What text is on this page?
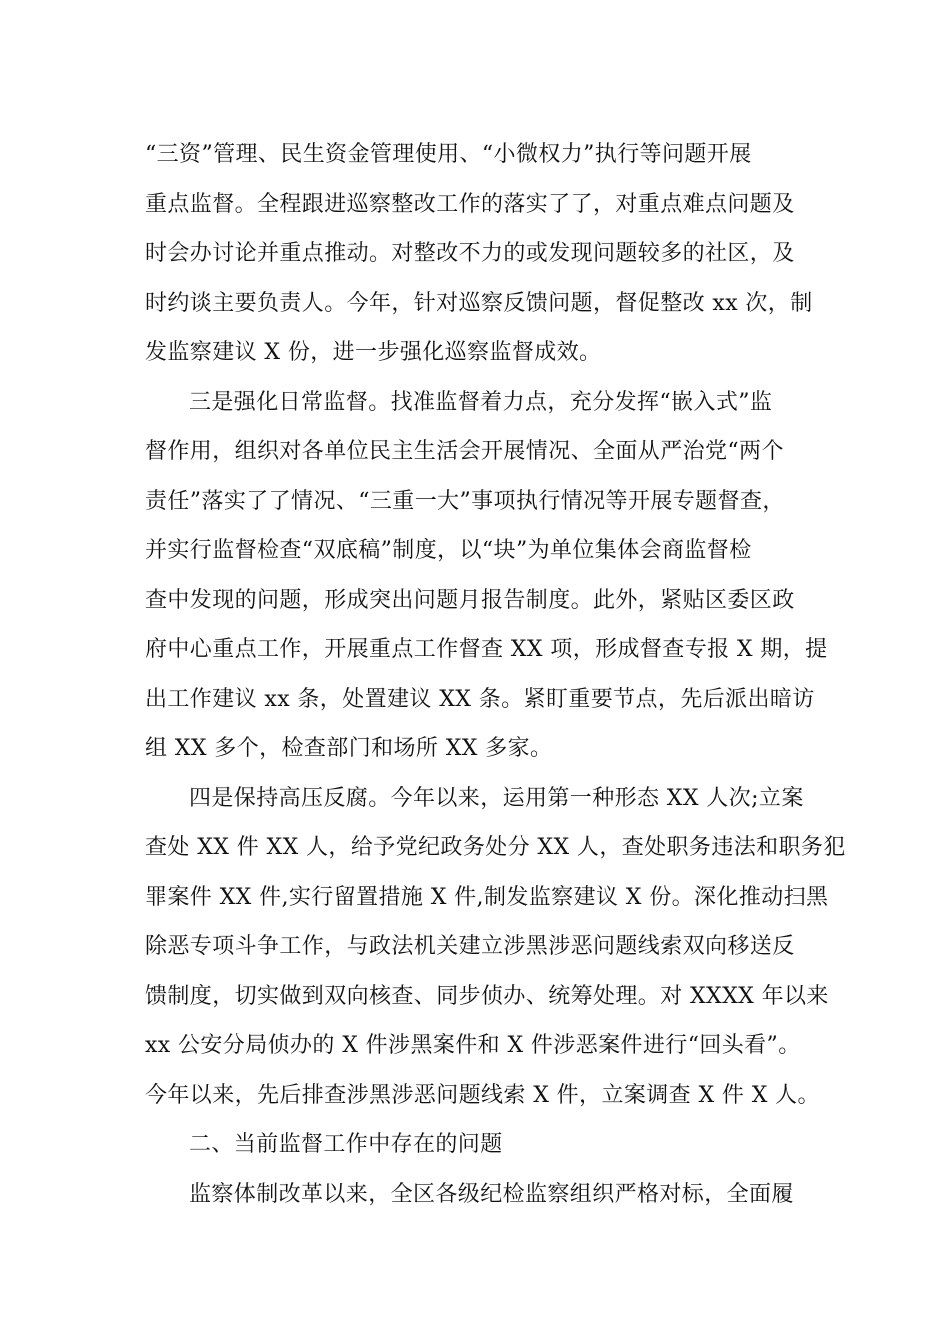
“三资”管理、民生资金管理使用、“小微权力”执行等问题开展
重点监督。全程跟进巡察整改工作的落实了了，对重点难点问题及
时会办讨论并重点推动。对整改不力的或发现问题较多的社区，及
时约谈主要负责人。今年，针对巡察反馈问题，督促整改 xx 次，制
发监察建议 X 份，进一步强化巡察监督成效。
三是强化日常监督。找准监督着力点，充分发挥“嵌入式”监
督作用，组织对各单位民主生活会开展情况、全面从严治党“两个
责任”落实了了情况、“三重一大”事项执行情况等开展专题督查，
并实行监督检查“双底稿”制度，以“块”为单位集体会商监督检
查中发现的问题，形成突出问题月报告制度。此外，紧贴区委区政
府中心重点工作，开展重点工作督查 XX 项，形成督查专报 X 期，提
出工作建议 xx 条，处置建议 XX 条。紧盯重要节点，先后派出暗访
组 XX 多个，检查部门和场所 XX 多家。
四是保持高压反腐。今年以来，运用第一种形态 XX 人次;立案
查处 XX 件 XX 人，给予党纪政务处分 XX 人，查处职务违法和职务犯
罪案件 XX 件,实行留置措施 X 件,制发监察建议 X 份。深化推动扫黑
除恶专项斗争工作，与政法机关建立涉黑涉恶问题线索双向移送反
馈制度，切实做到双向核查、同步侦办、统筹处理。对 XXXX 年以来
xx 公安分局侦办的 X 件涉黑案件和 X 件涉恶案件进行“回头看”。
今年以来，先后排查涉黑涉恶问题线索 X 件，立案调查 X 件 X 人。
二、当前监督工作中存在的问题
监察体制改革以来，全区各级纪检监察组织严格对标，全面履
